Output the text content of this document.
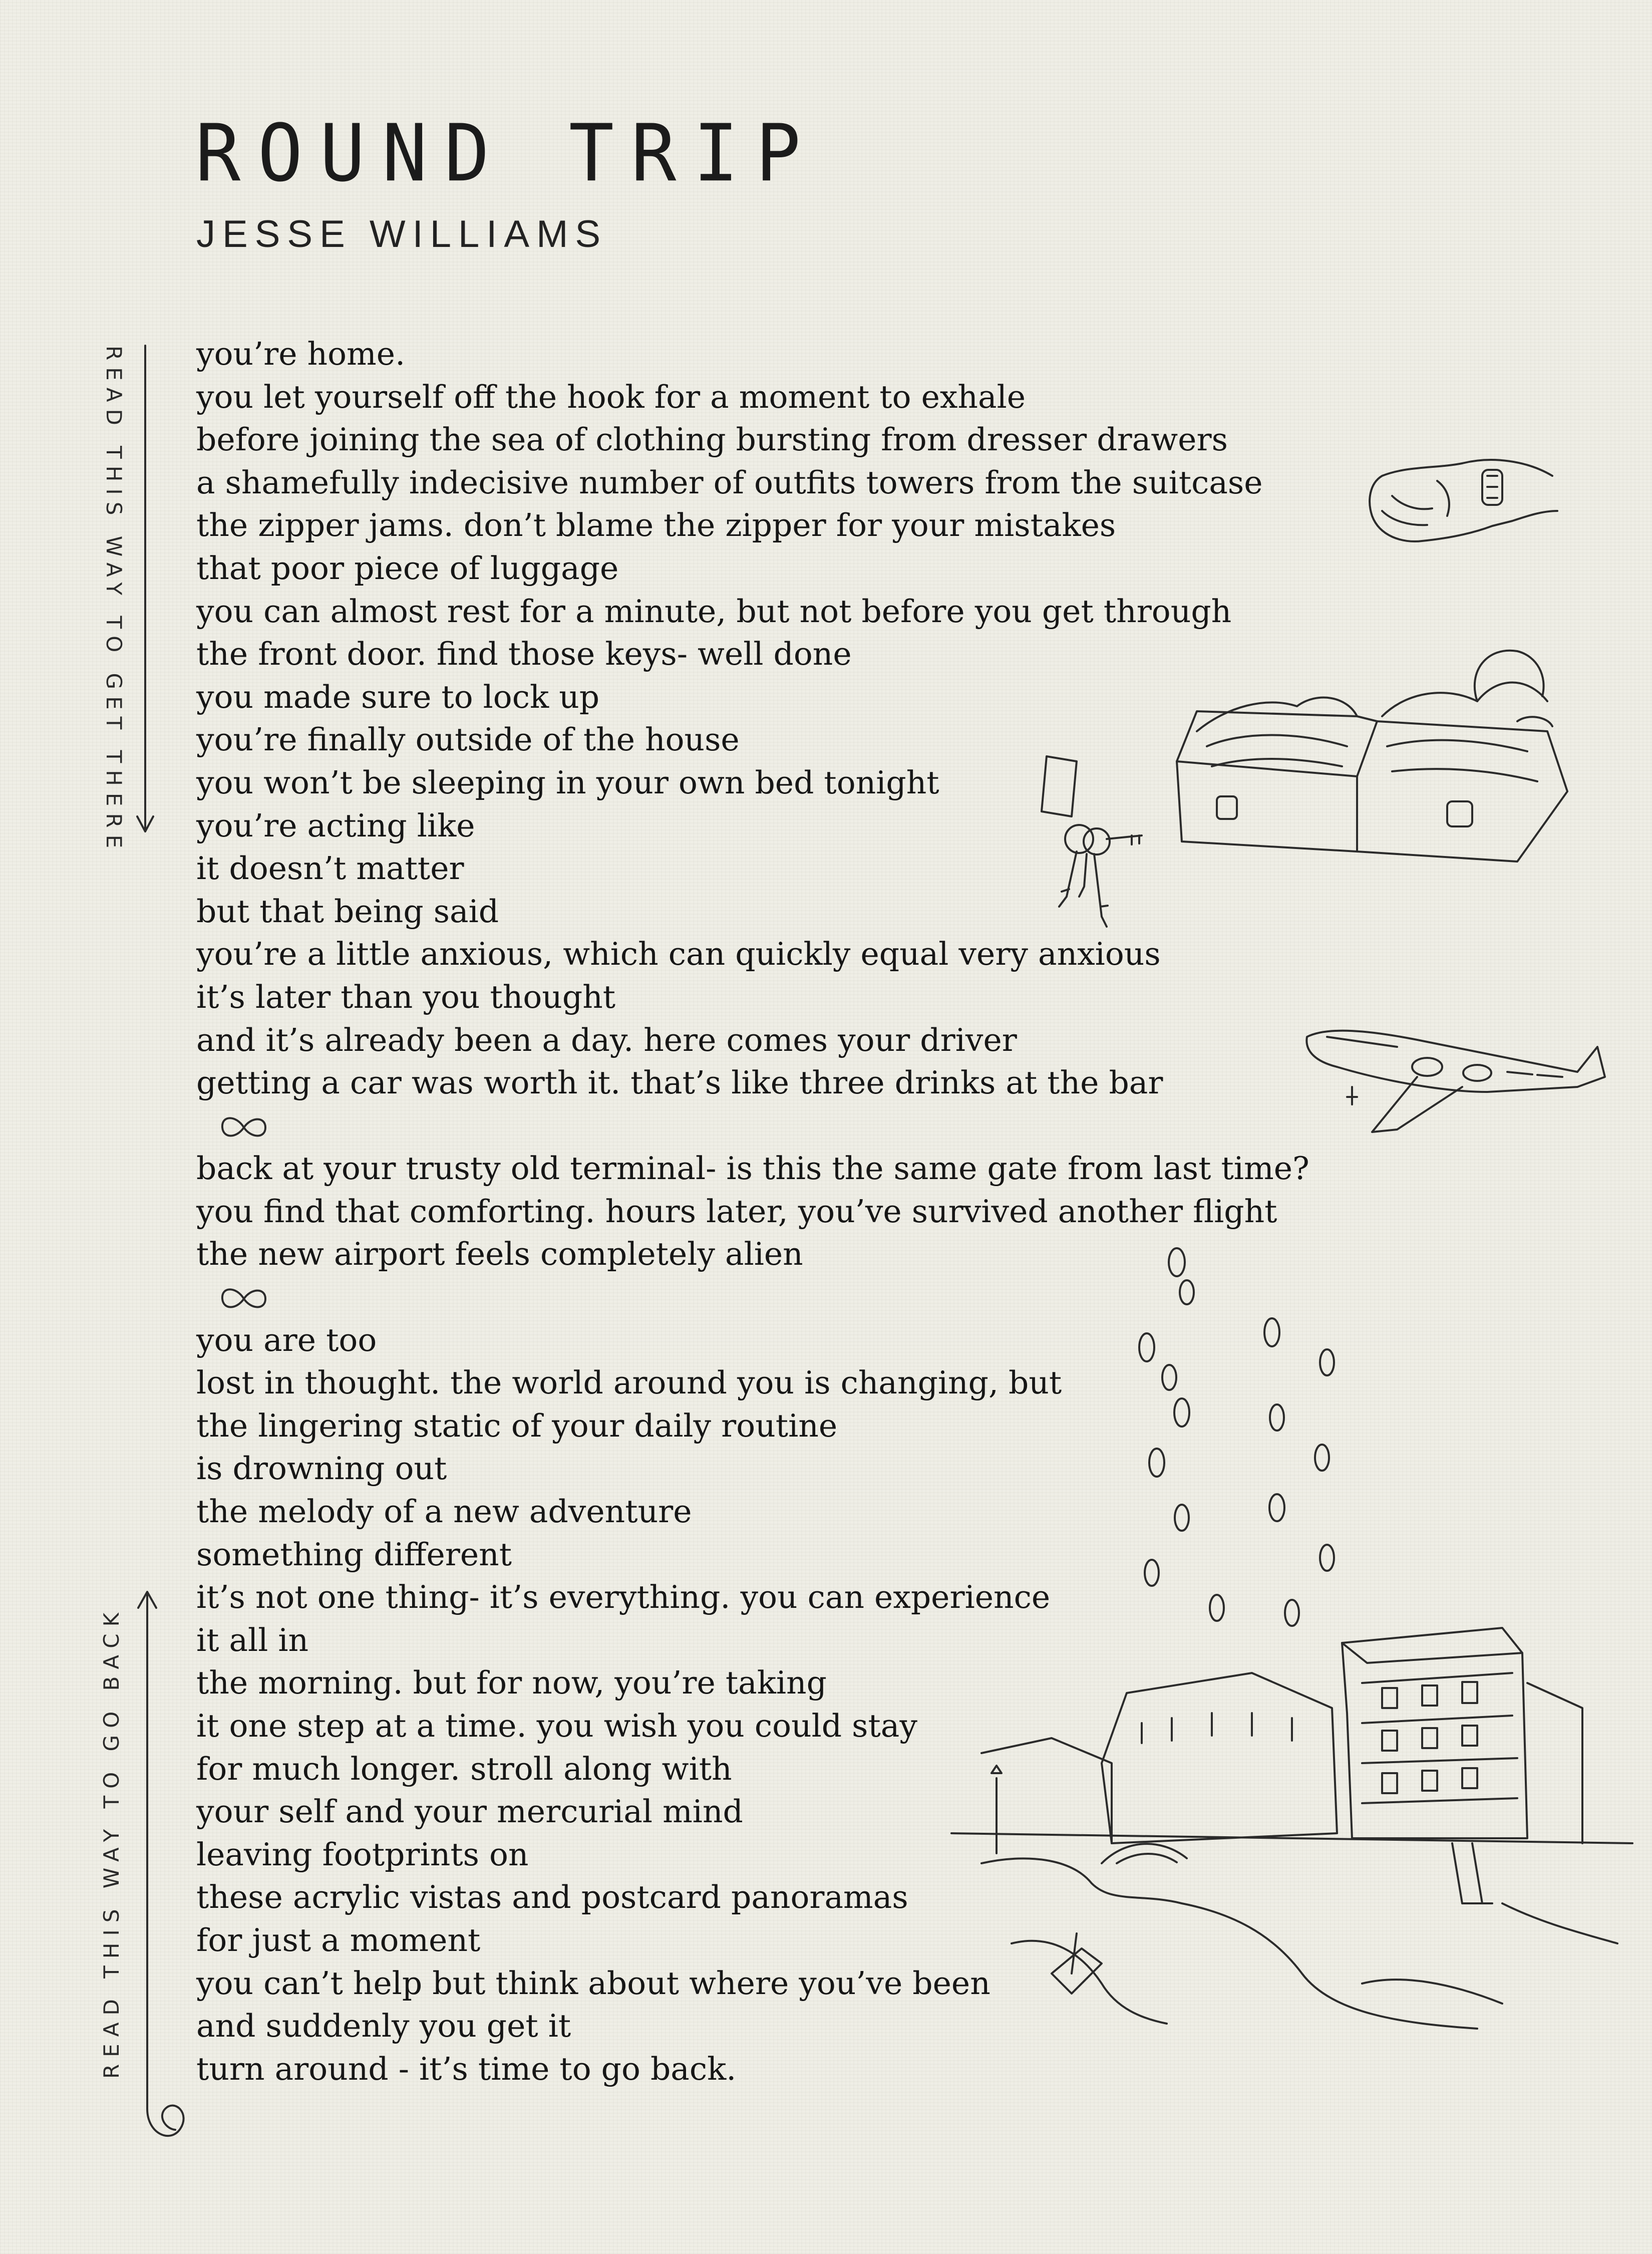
ROUND TRIP
JESSE WILLIAMS
READ THIS WAY TO GET THERE
READ THIS WAY TO GO BACK
you’re home.
you let yourself off the hook for a moment to exhale
before joining the sea of clothing bursting from dresser drawers
a shamefully indecisive number of outfits towers from the suitcase
the zipper jams. don’t blame the zipper for your mistakes
that poor piece of luggage
you can almost rest for a minute, but not before you get through
the front door. find those keys- well done
you made sure to lock up
you’re finally outside of the house
you won’t be sleeping in your own bed tonight
you’re acting like
it doesn’t matter
but that being said
you’re a little anxious, which can quickly equal very anxious
it’s later than you thought
and it’s already been a day. here comes your driver
getting a car was worth it. that’s like three drinks at the bar
back at your trusty old terminal- is this the same gate from last time?
you find that comforting. hours later, you’ve survived another flight
the new airport feels completely alien
you are too
lost in thought. the world around you is changing, but
the lingering static of your daily routine
is drowning out
the melody of a new adventure
something different
it’s not one thing- it’s everything. you can experience
it all in
the morning. but for now, you’re taking
it one step at a time. you wish you could stay
for much longer. stroll along with
your self and your mercurial mind
leaving footprints on
these acrylic vistas and postcard panoramas
for just a moment
you can’t help but think about where you’ve been
and suddenly you get it
turn around - it’s time to go back.
